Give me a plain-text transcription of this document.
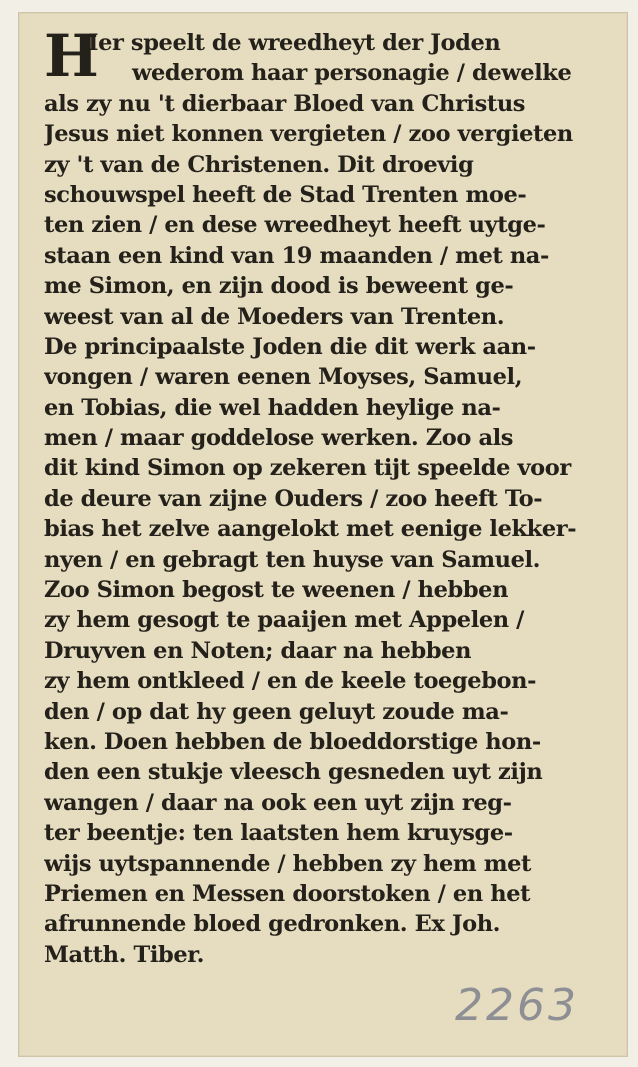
H
Ier speelt de wreedheyt der Joden
wederom haar personagie / dewelke
als zy nu 't dierbaar Bloed van Christus
Jesus niet konnen vergieten / zoo vergieten
zy 't van de Christenen. Dit droevig
schouwspel heeft de Stad Trenten moe-
ten zien / en dese wreedheyt heeft uytge-
staan een kind van 19 maanden / met na-
me Simon, en zijn dood is beweent ge-
weest van al de Moeders van Trenten.
De principaalste Joden die dit werk aan-
vongen / waren eenen Moyses, Samuel,
en Tobias, die wel hadden heylige na-
men / maar goddelose werken. Zoo als
dit kind Simon op zekeren tijt speelde voor
de deure van zijne Ouders / zoo heeft To-
bias het zelve aangelokt met eenige lekker-
nyen / en gebragt ten huyse van Samuel.
Zoo Simon begost te weenen / hebben
zy hem gesogt te paaijen met Appelen /
Druyven en Noten; daar na hebben
zy hem ontkleed / en de keele toegebon-
den / op dat hy geen geluyt zoude ma-
ken. Doen hebben de bloeddorstige hon-
den een stukje vleesch gesneden uyt zijn
wangen / daar na ook een uyt zijn reg-
ter beentje: ten laatsten hem kruysge-
wijs uytspannende / hebben zy hem met
Priemen en Messen doorstoken / en het
afrunnende bloed gedronken. Ex Joh.
Matth. Tiber.
2263
